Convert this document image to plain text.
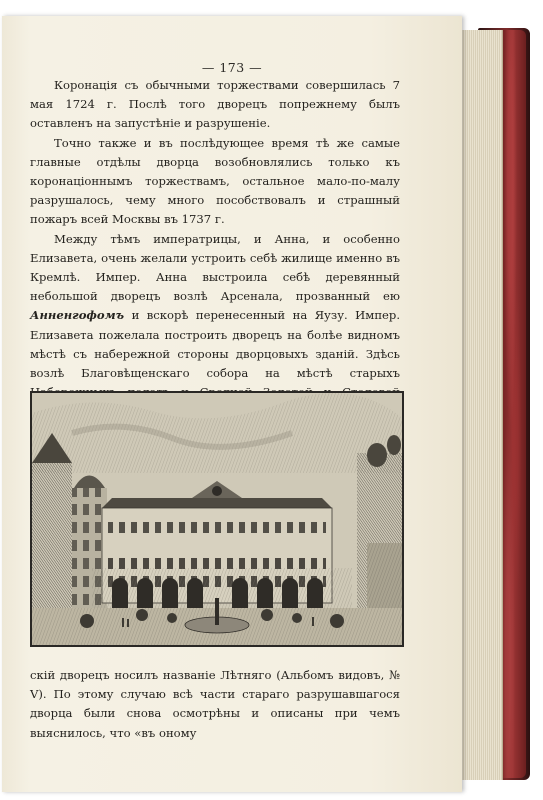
— 173 —

Коронація съ обычными торжествами совершилась 7 мая 1724 г. Послѣ того дворецъ попрежнему былъ оставленъ на запустѣніе и разрушеніе.

Точно также и въ послѣдующее время тѣ же самые главные отдѣлы дворца возобновлялись только къ коронаціоннымъ торжествамъ, остальное мало-по-малу разрушалось, чему много пособствовалъ и страшный пожаръ всей Москвы въ 1737 г.

Между тѣмъ императрицы, и Анна, и особенно Елизавета, очень желали устроить себѣ жилище именно въ Кремлѣ. Импер. Анна выстроила себѣ деревянный небольшой дворецъ возлѣ Арсенала, прозванный ею Анненгофомъ и вскорѣ перенесенный на Яузу. Импер. Елизавета пожелала построить дворецъ на болѣе видномъ мѣстѣ съ набережной стороны дворцовыхъ зданій. Здѣсь возлѣ Благовѣщенскаго собора на мѣстѣ старыхъ

скій дворецъ носилъ названіе Лѣтняго (Альбомъ видовъ, № V). По этому случаю всѣ части стараго разрушавшагося дворца были снова осмотрѣны и описаны при чемъ выяснилось, что «въ оному
